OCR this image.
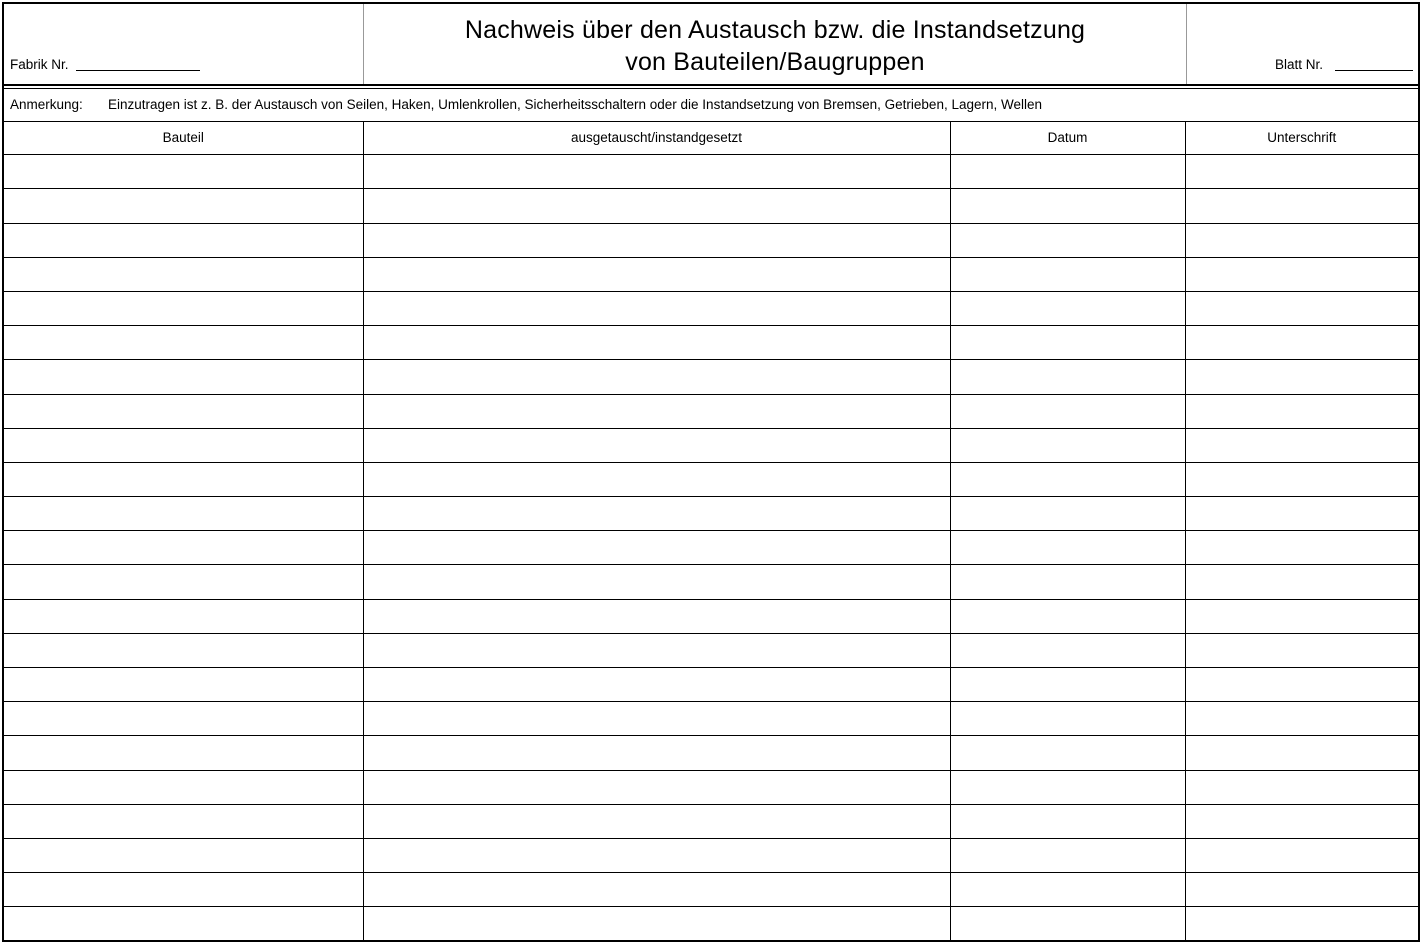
Fabrik Nr.
Nachweis über den Austausch bzw. die Instandsetzung
von Bauteilen/Baugruppen	Blatt Nr.
Anmerkung: Einzutragen ist z. B. der Austausch von Seilen, Haken, Umlenkrollen, Sicherheitsschaltern oder die Instandsetzung von Bremsen, Getrieben, Lagern, Wellen
Bauteil	ausgetauscht/instandgesetzt	Datum	Unterschrift
